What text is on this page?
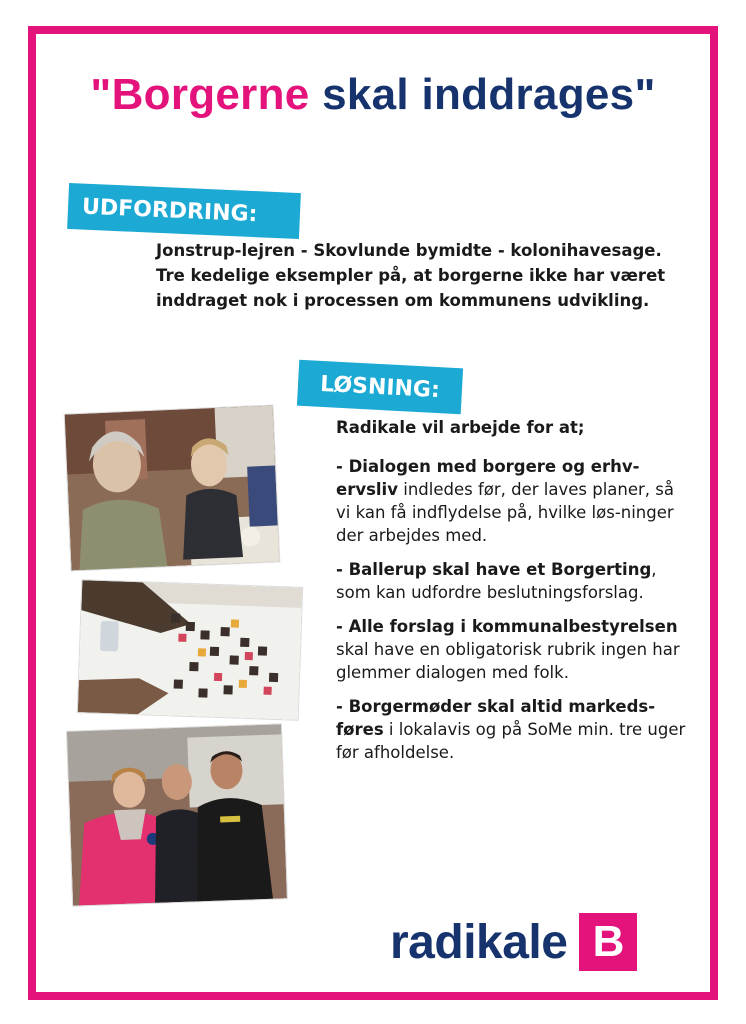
"Borgerne skal inddrages"
UDFORDRING:
Jonstrup-lejren - Skovlunde bymidte - kolonihavesage.
Tre kedelige eksempler på, at borgerne ikke har været
inddraget nok i processen om kommunens udvikling.
LØSNING:

Radikale vil arbejde for at;

- Dialogen med borgere og erhv-ervsliv indledes før, der laves planer, så vi kan få indflydelse på, hvilke løs-ninger der arbejdes med.

- Ballerup skal have et Borgerting, som kan udfordre beslutningsforslag.

- Alle forslag i kommunalbestyrelsen skal have en obligatorisk rubrik ingen har glemmer dialogen med folk.

- Borgermøder skal altid markeds-føres i lokalavis og på SoMe min. tre uger før afholdelse.

radikale B
